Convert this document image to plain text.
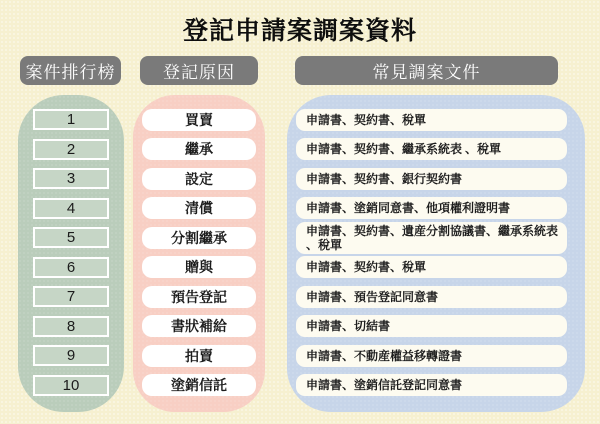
登記申請案調案資料
案件排行榜	登記原因	常見調案文件
1
2
3
4
5
6
7
8
9
10
買賣
繼承
設定
清償
分割繼承
贈與
預告登記
書狀補給
拍賣
塗銷信託
申請書、契約書、稅單
申請書、契約書、繼承系統表 、稅單
申請書、契約書、銀行契約書
申請書、塗銷同意書、他項權利證明書
申請書、契約書、遺産分割協議書、繼承系統表 、稅單
申請書、契約書、稅單
申請書、預告登記同意書
申請書、切結書
申請書、不動産權益移轉證書
申請書、塗銷信託登記同意書
